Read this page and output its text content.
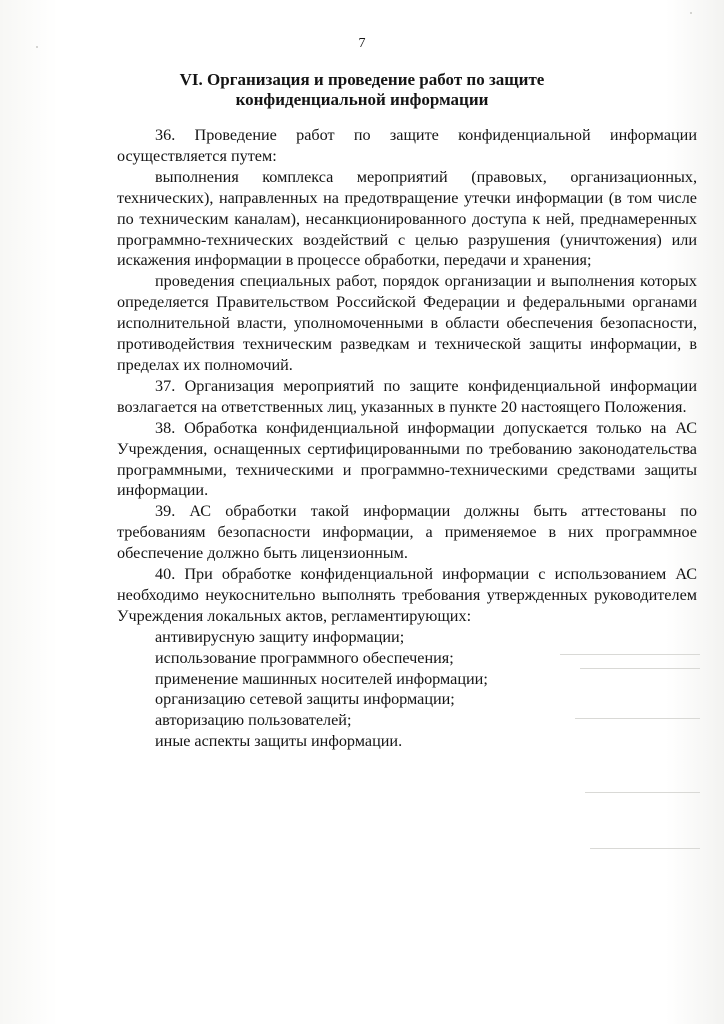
7
VI. Организация и проведение работ по защите
конфиденциальной информации

36. Проведение работ по защите конфиденциальной информации осуществляется путем:

выполнения комплекса мероприятий (правовых, организационных, технических), направленных на предотвращение утечки информации (в том числе по техническим каналам), несанкционированного доступа к ней, преднамеренных программно-технических воздействий с целью разрушения (уничтожения) или искажения информации в процессе обработки, передачи и хранения;

проведения специальных работ, порядок организации и выполнения которых определяется Правительством Российской Федерации и федеральными органами исполнительной власти, уполномоченными в области обеспечения безопасности, противодействия техническим разведкам и технической защиты информации, в пределах их полномочий.

37. Организация мероприятий по защите конфиденциальной информации возлагается на ответственных лиц, указанных в пункте 20 настоящего Положения.

38. Обработка конфиденциальной информации допускается только на АС Учреждения, оснащенных сертифицированными по требованию законодательства программными, техническими и программно-техническими средствами защиты информации.

39. АС обработки такой информации должны быть аттестованы по требованиям безопасности информации, а применяемое в них программное обеспечение должно быть лицензионным.

40. При обработке конфиденциальной информации с использованием АС необходимо неукоснительно выполнять требования утвержденных руководителем Учреждения локальных актов, регламентирующих:

антивирусную защиту информации;
использование программного обеспечения;
применение машинных носителей информации;
организацию сетевой защиты информации;
авторизацию пользователей;
иные аспекты защиты информации.
